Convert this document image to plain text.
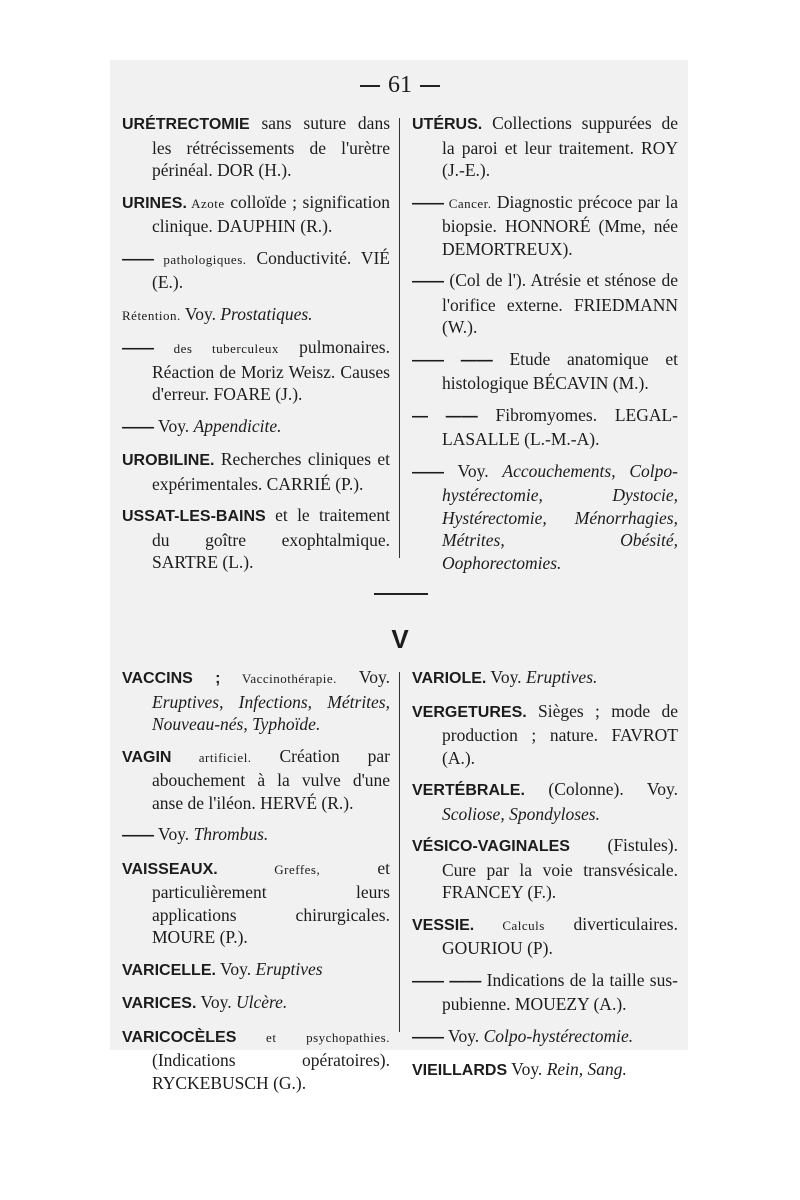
61
URÉTRECTOMIE sans suture dans les rétrécissements de l'urètre périnéal. DOR (H.).
URINES. Azote colloïde ; signification clinique. DAUPHIN (R.).
—— pathologiques. Conductivité. VIÉ (E.).
Rétention. Voy. Prostatiques.
—— des tuberculeux pulmonaires. Réaction de Moriz Weisz. Causes d'erreur. FOARE (J.).
—— Voy. Appendicite.
UROBILINE. Recherches cliniques et expérimentales. CARRIÉ (P.).
USSAT-LES-BAINS et le traitement du goître exophtalmique. SARTRE (L.).
UTÉRUS. Collections suppurées de la paroi et leur traitement. ROY (J.-E.).
—— Cancer. Diagnostic précoce par la biopsie. HONNORÉ (Mme, née DEMORTREUX).
—— (Col de l'). Atrésie et sténose de l'orifice externe. FRIEDMANN (W.).
—— —— Etude anatomique et histologique BÉCAVIN (M.).
— —— Fibromyomes. LEGAL-LASALLE (L.-M.-A).
—— Voy. Accouchements, Colpo-hystérectomie, Dystocie, Hystérectomie, Ménorrhagies, Métrites, Obésité, Oophorectomies.
V
VACCINS ; Vaccinothérapie. Voy. Eruptives, Infections, Métrites, Nouveau-nés, Typhoïde.
VAGIN artificiel. Création par abouchement à la vulve d'une anse de l'iléon. HERVÉ (R.).
—— Voy. Thrombus.
VAISSEAUX. Greffes, et particulièrement leurs applications chirurgicales. MOURE (P.).
VARICELLE. Voy. Eruptives
VARICES. Voy. Ulcère.
VARICOCÈLES et psychopathies. (Indications opératoires). RYCKEBUSCH (G.).
VARIOLE. Voy. Eruptives.
VERGETURES. Sièges ; mode de production ; nature. FAVROT (A.).
VERTÉBRALE. (Colonne). Voy. Scoliose, Spondyloses.
VÉSICO-VAGINALES (Fistules). Cure par la voie transvésicale. FRANCEY (F.).
VESSIE. Calculs diverticulaires. GOURIOU (P).
—— —— Indications de la taille sus-pubienne. MOUEZY (A.).
—— Voy. Colpo-hystérectomie.
VIEILLARDS Voy. Rein, Sang.
